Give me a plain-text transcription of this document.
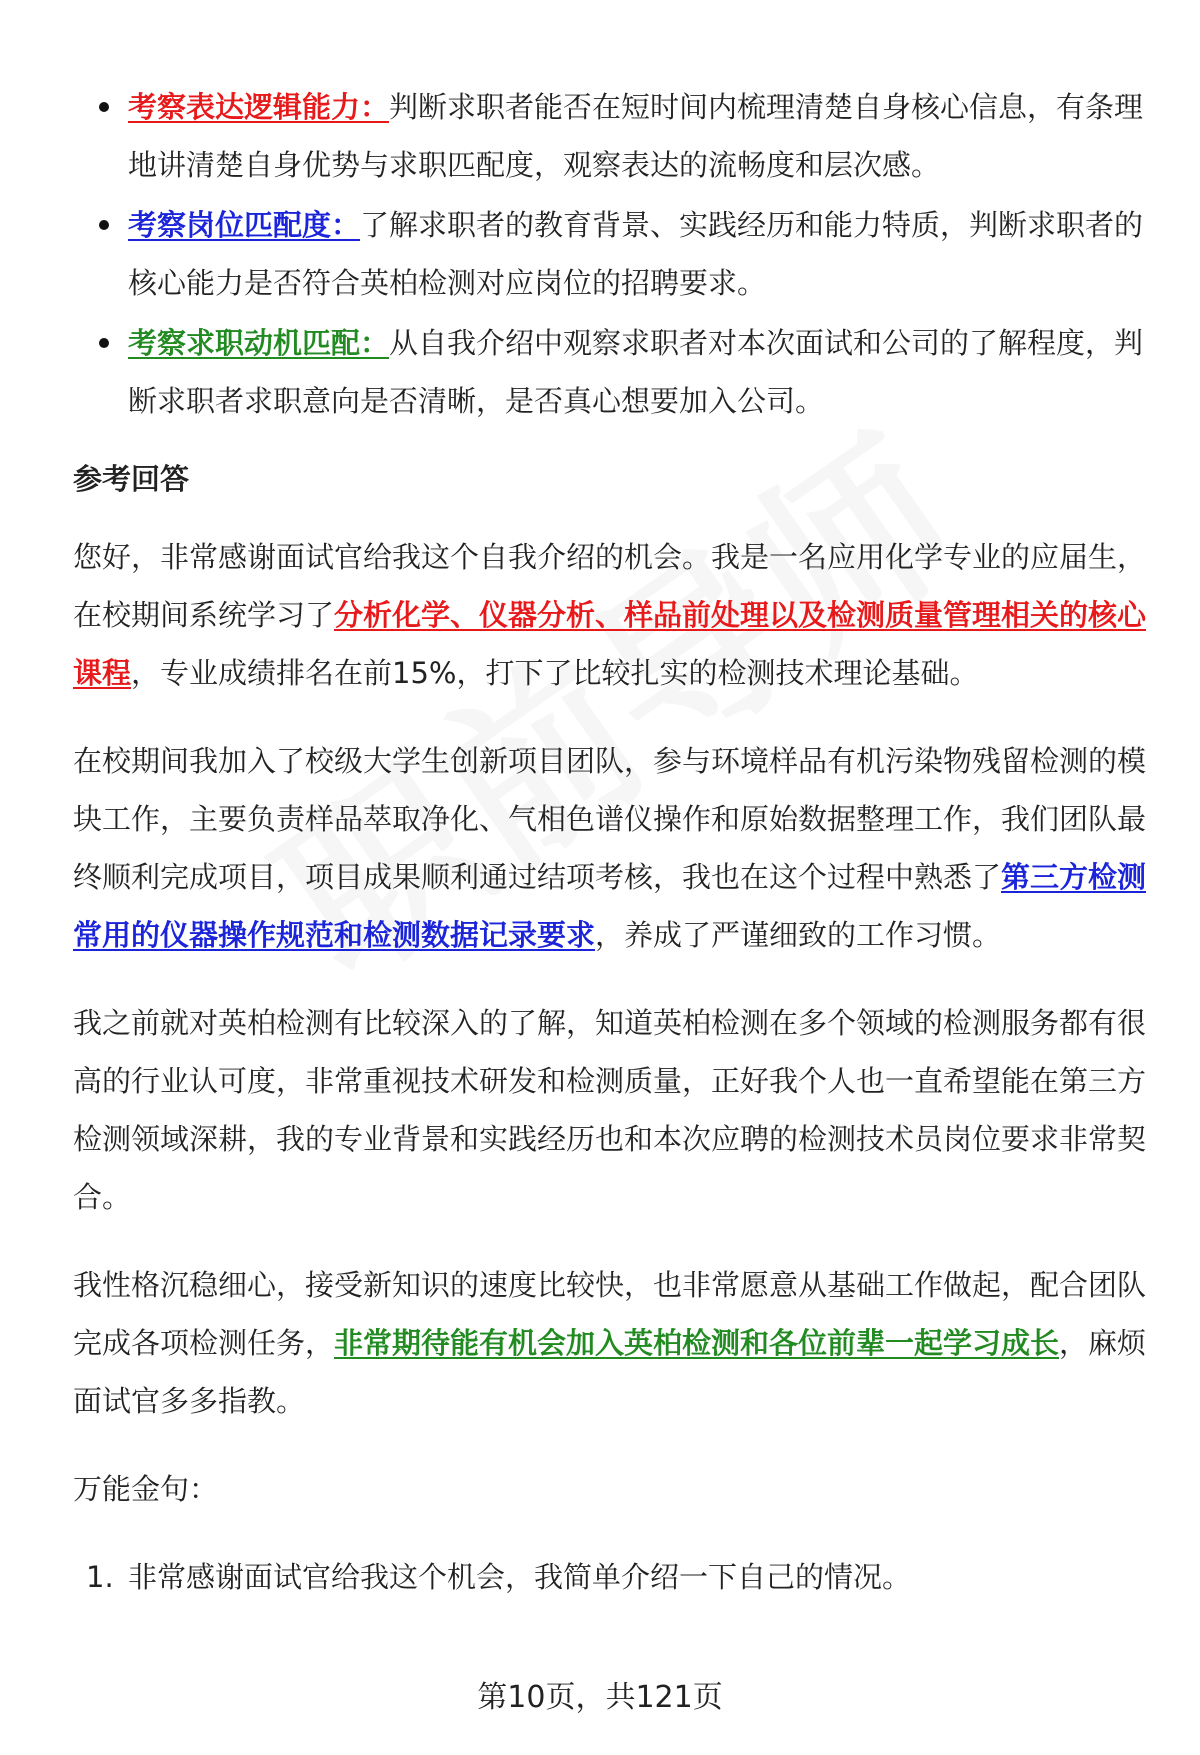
考察表达逻辑能力：判断求职者能否在短时间内梳理清楚自身核心信息，有条理地讲清楚自身优势与求职匹配度，观察表达的流畅度和层次感。
考察岗位匹配度：了解求职者的教育背景、实践经历和能力特质，判断求职者的核心能力是否符合英柏检测对应岗位的招聘要求。
考察求职动机匹配：从自我介绍中观察求职者对本次面试和公司的了解程度，判断求职者求职意向是否清晰，是否真心想要加入公司。
参考回答

您好，非常感谢面试官给我这个自我介绍的机会。我是一名应用化学专业的应届生，在校期间系统学习了分析化学、仪器分析、样品前处理以及检测质量管理相关的核心课程，专业成绩排名在前15%，打下了比较扎实的检测技术理论基础。

在校期间我加入了校级大学生创新项目团队，参与环境样品有机污染物残留检测的模块工作，主要负责样品萃取净化、气相色谱仪操作和原始数据整理工作，我们团队最终顺利完成项目，项目成果顺利通过结项考核，我也在这个过程中熟悉了第三方检测常用的仪器操作规范和检测数据记录要求，养成了严谨细致的工作习惯。

我之前就对英柏检测有比较深入的了解，知道英柏检测在多个领域的检测服务都有很高的行业认可度，非常重视技术研发和检测质量，正好我个人也一直希望能在第三方检测领域深耕，我的专业背景和实践经历也和本次应聘的检测技术员岗位要求非常契合。

我性格沉稳细心，接受新知识的速度比较快，也非常愿意从基础工作做起，配合团队完成各项检测任务，非常期待能有机会加入英柏检测和各位前辈一起学习成长，麻烦面试官多多指教。

万能金句：

1. 非常感谢面试官给我这个机会，我简单介绍一下自己的情况。
第10页，共121页
